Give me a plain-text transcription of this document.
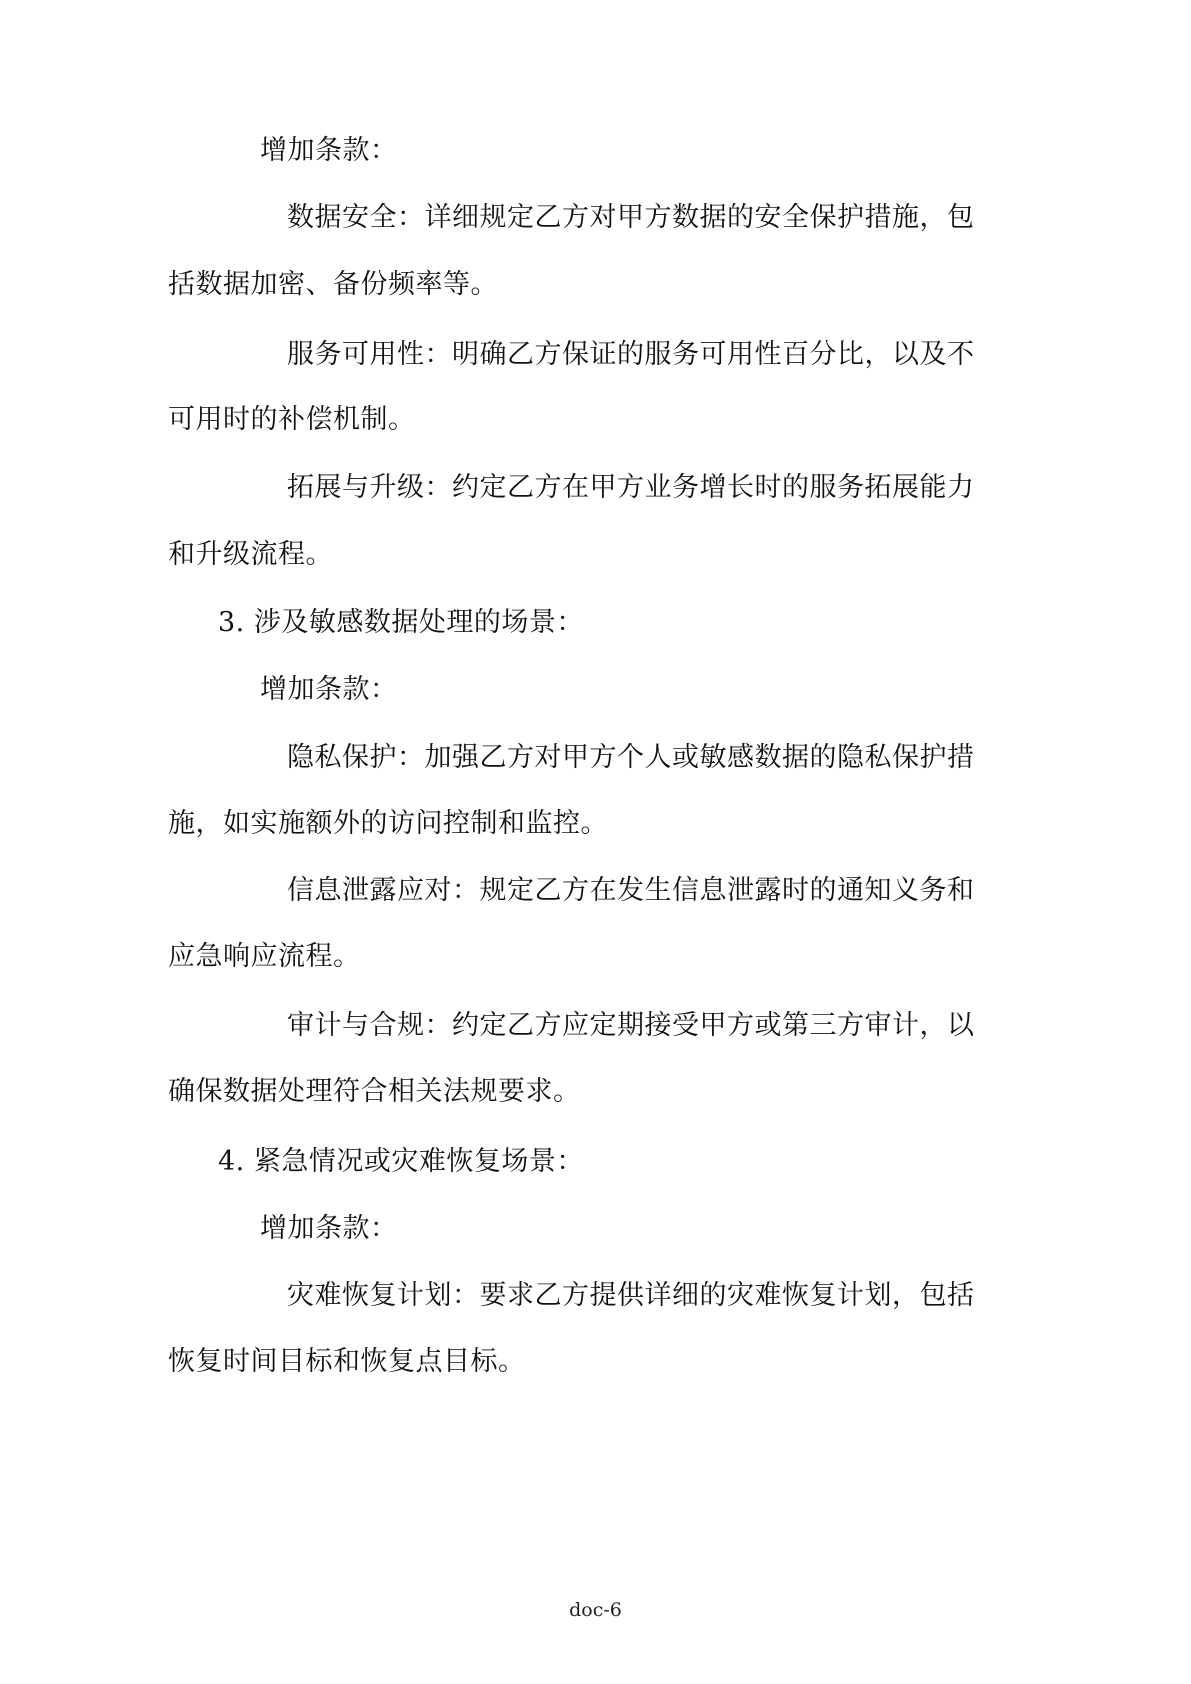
增加条款：
数据安全：详细规定乙方对甲方数据的安全保护措施，包
括数据加密、备份频率等。
服务可用性：明确乙方保证的服务可用性百分比，以及不
可用时的补偿机制。
拓展与升级：约定乙方在甲方业务增长时的服务拓展能力
和升级流程。
3. 涉及敏感数据处理的场景：
增加条款：
隐私保护：加强乙方对甲方个人或敏感数据的隐私保护措
施，如实施额外的访问控制和监控。
信息泄露应对：规定乙方在发生信息泄露时的通知义务和
应急响应流程。
审计与合规：约定乙方应定期接受甲方或第三方审计，以
确保数据处理符合相关法规要求。
4. 紧急情况或灾难恢复场景：
增加条款：
灾难恢复计划：要求乙方提供详细的灾难恢复计划，包括
恢复时间目标和恢复点目标。
doc-6
